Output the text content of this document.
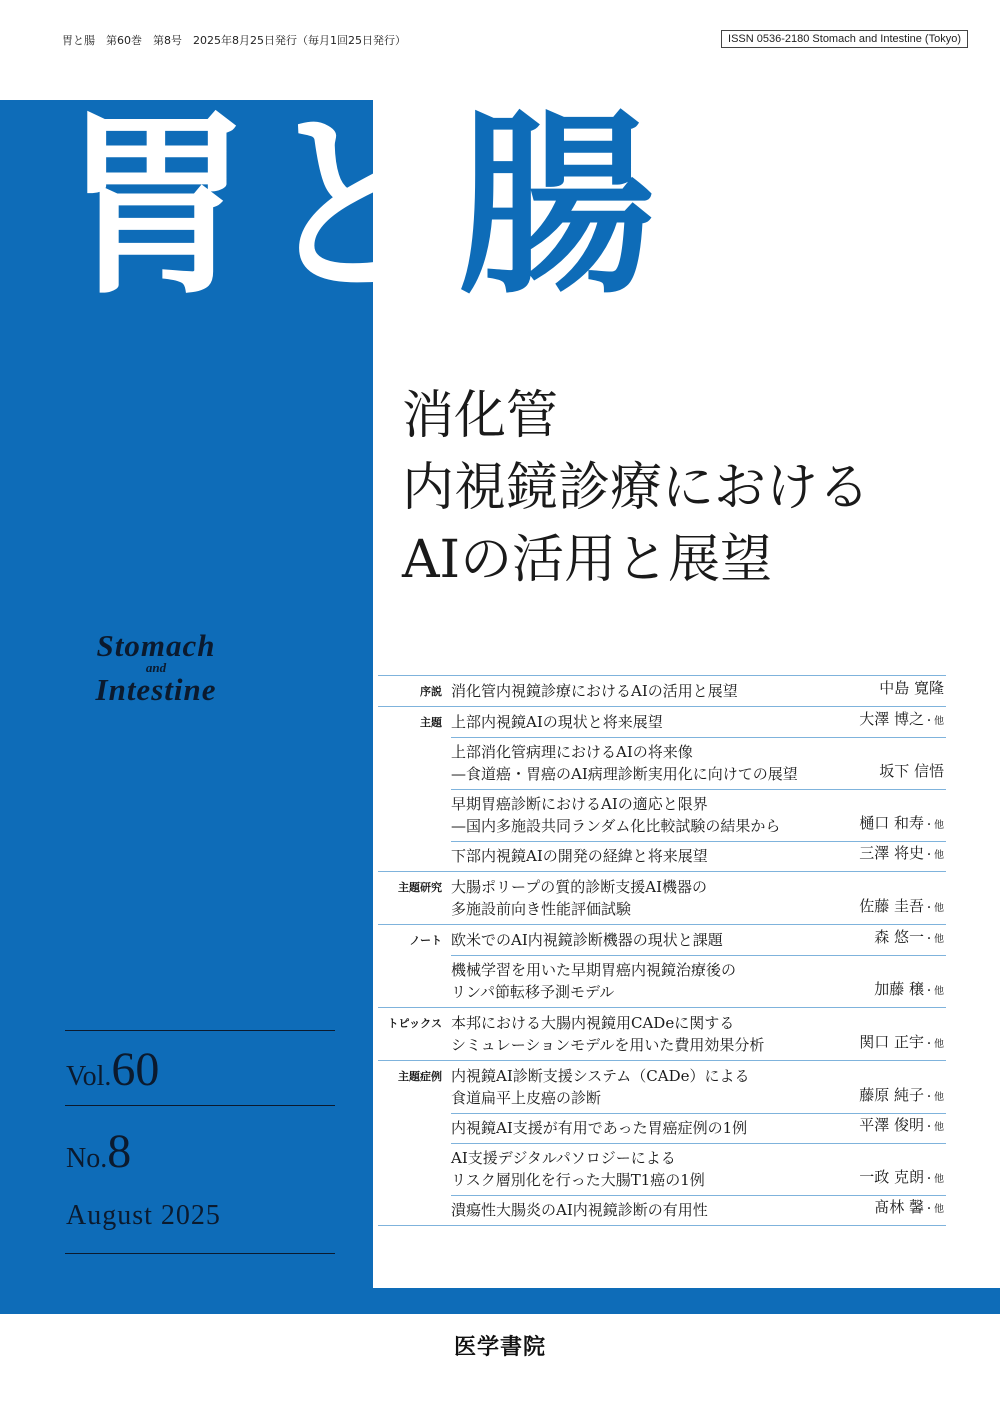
胃と腸　第60巻　第8号　2025年8月25日発行（毎月1回25日発行）	ISSN 0536-2180 Stomach and Intestine (Tokyo)
胃と腸
消化管
内視鏡診療における
AIの活用と展望
Stomach
and
Intestine
Vol.60
No.8
August 2025
序説 消化管内視鏡診療におけるAIの活用と展望	中島 寛隆
主題 上部内視鏡AIの現状と将来展望	大澤 博之・他
上部消化管病理におけるAIの将来像
—食道癌・胃癌のAI病理診断実用化に向けての展望	坂下 信悟
早期胃癌診断におけるAIの適応と限界
—国内多施設共同ランダム化比較試験の結果から	樋口 和寿・他
下部内視鏡AIの開発の経緯と将来展望	三澤 将史・他
主題研究 大腸ポリープの質的診断支援AI機器の
多施設前向き性能評価試験	佐藤 圭吾・他
ノート 欧米でのAI内視鏡診断機器の現状と課題	森 悠一・他
機械学習を用いた早期胃癌内視鏡治療後の
リンパ節転移予測モデル	加藤 穣・他
トピックス 本邦における大腸内視鏡用CADeに関する
シミュレーションモデルを用いた費用効果分析	関口 正宇・他
主題症例 内視鏡AI診断支援システム（CADe）による
食道扁平上皮癌の診断	藤原 純子・他
内視鏡AI支援が有用であった胃癌症例の1例	平澤 俊明・他
AI支援デジタルパソロジーによる
リスク層別化を行った大腸T1癌の1例	一政 克朗・他
潰瘍性大腸炎のAI内視鏡診断の有用性	髙林 馨・他
医学書院
